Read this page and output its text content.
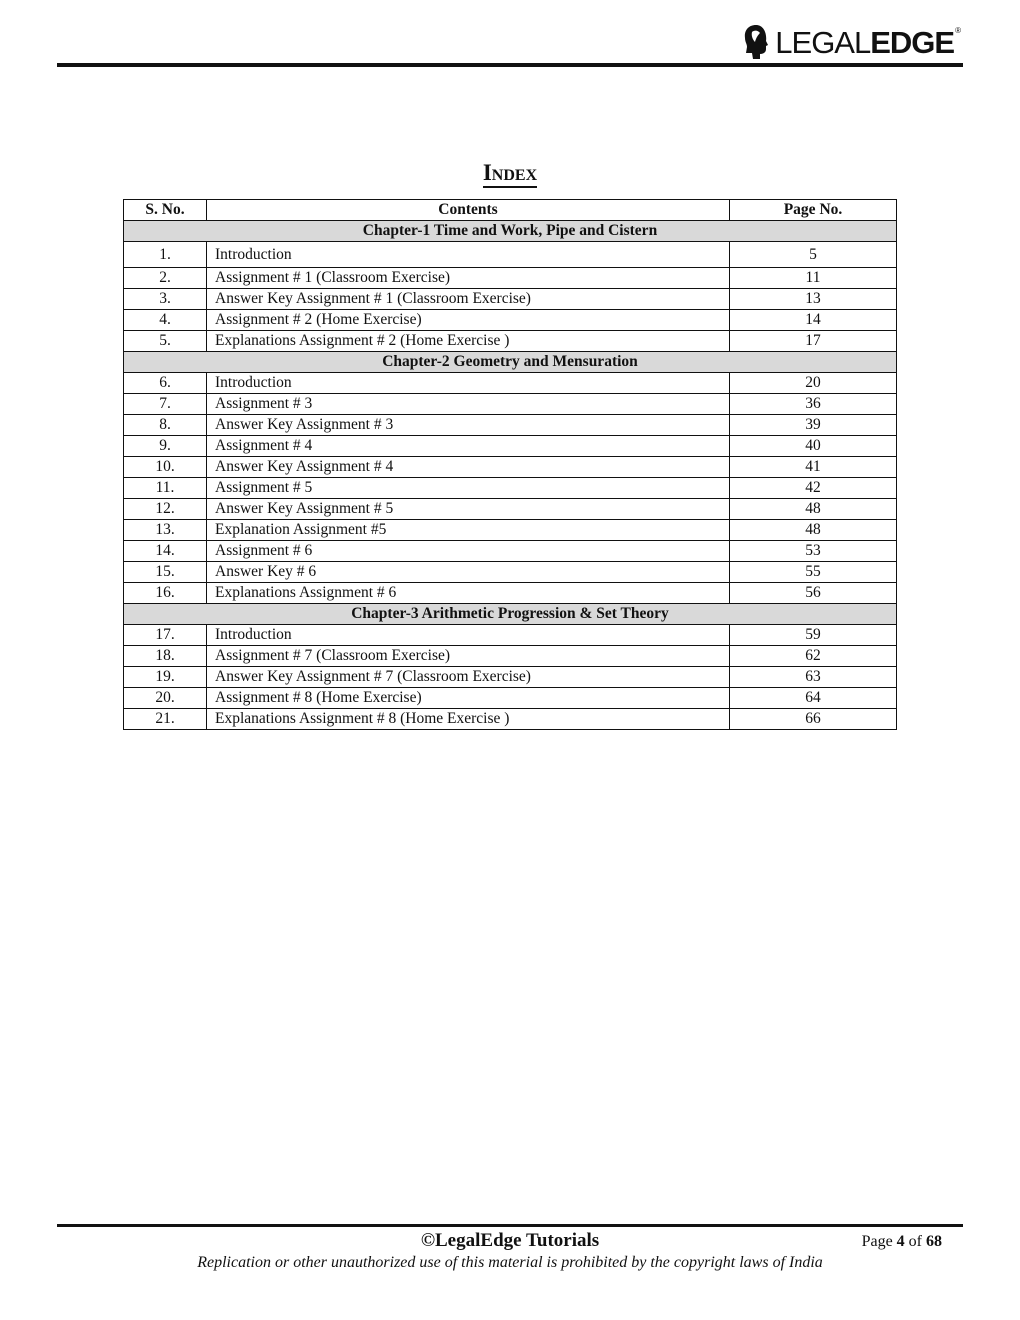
LEGALEDGE®
Index
S. No.	Contents	Page No.
Chapter-1 Time and Work, Pipe and Cistern		
1.	Introduction	5
2.	Assignment # 1 (Classroom Exercise)	11
3.	Answer Key Assignment # 1 (Classroom Exercise)	13
4.	Assignment # 2 (Home Exercise)	14
5.	Explanations Assignment # 2 (Home Exercise )	17
Chapter-2 Geometry and Mensuration		
6.	Introduction	20
7.	Assignment # 3	36
8.	Answer Key Assignment # 3	39
9.	Assignment # 4	40
10.	Answer Key Assignment # 4	41
11.	Assignment # 5	42
12.	Answer Key Assignment # 5	48
13.	Explanation Assignment #5	48
14.	Assignment # 6	53
15.	Answer Key # 6	55
16.	Explanations Assignment # 6	56
Chapter-3 Arithmetic Progression & Set Theory		
17.	Introduction	59
18.	Assignment # 7 (Classroom Exercise)	62
19.	Answer Key Assignment # 7 (Classroom Exercise)	63
20.	Assignment # 8 (Home Exercise)	64
21.	Explanations Assignment # 8 (Home Exercise )	66
©LegalEdge Tutorials	Page 4 of 68
Replication or other unauthorized use of this material is prohibited by the copyright laws of India
